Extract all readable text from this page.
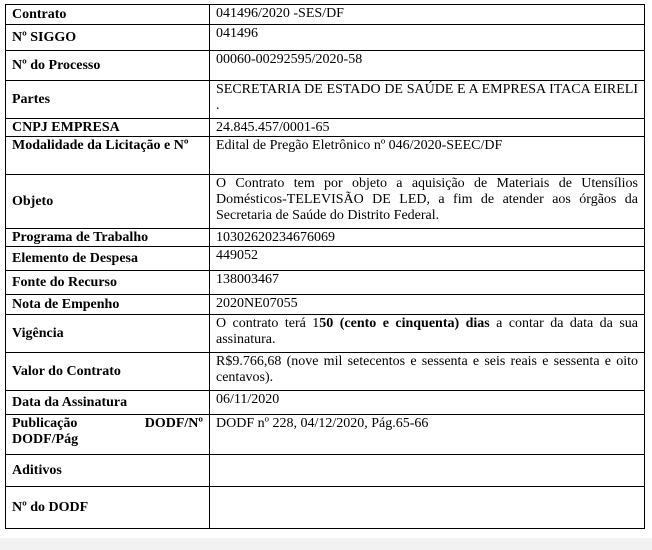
Contrato	041496/2020 -SES/DF
Nº SIGGO	041496
Nº do Processo	00060-00292595/2020-58
Partes	SECRETARIA DE ESTADO DE SAÚDE E A EMPRESA ITACA EIRELI .
CNPJ EMPRESA	24.845.457/0001-65
Modalidade da Licitação e Nº	Edital de Pregão Eletrônico nº 046/2020-SEEC/DF
Objeto	O Contrato tem por objeto a aquisição de Materiais de Utensílios Domésticos-TELEVISÃO DE LED, a fim de atender aos órgãos da Secretaria de Saúde do Distrito Federal.
Programa de Trabalho	10302620234676069
Elemento de Despesa	449052
Fonte do Recurso	138003467
Nota de Empenho	2020NE07055
Vigência	O contrato terá 150 (cento e cinquenta) dias a contar da data da sua assinatura.
Valor do Contrato	R$9.766,68 (nove mil setecentos e sessenta e seis reais e sessenta e oito centavos).
Data da Assinatura	06/11/2020

Publicação DODF/Nº
DODF/Pág	DODF nº 228, 04/12/2020, Pág.65-66
Aditivos	
Nº do DODF	
